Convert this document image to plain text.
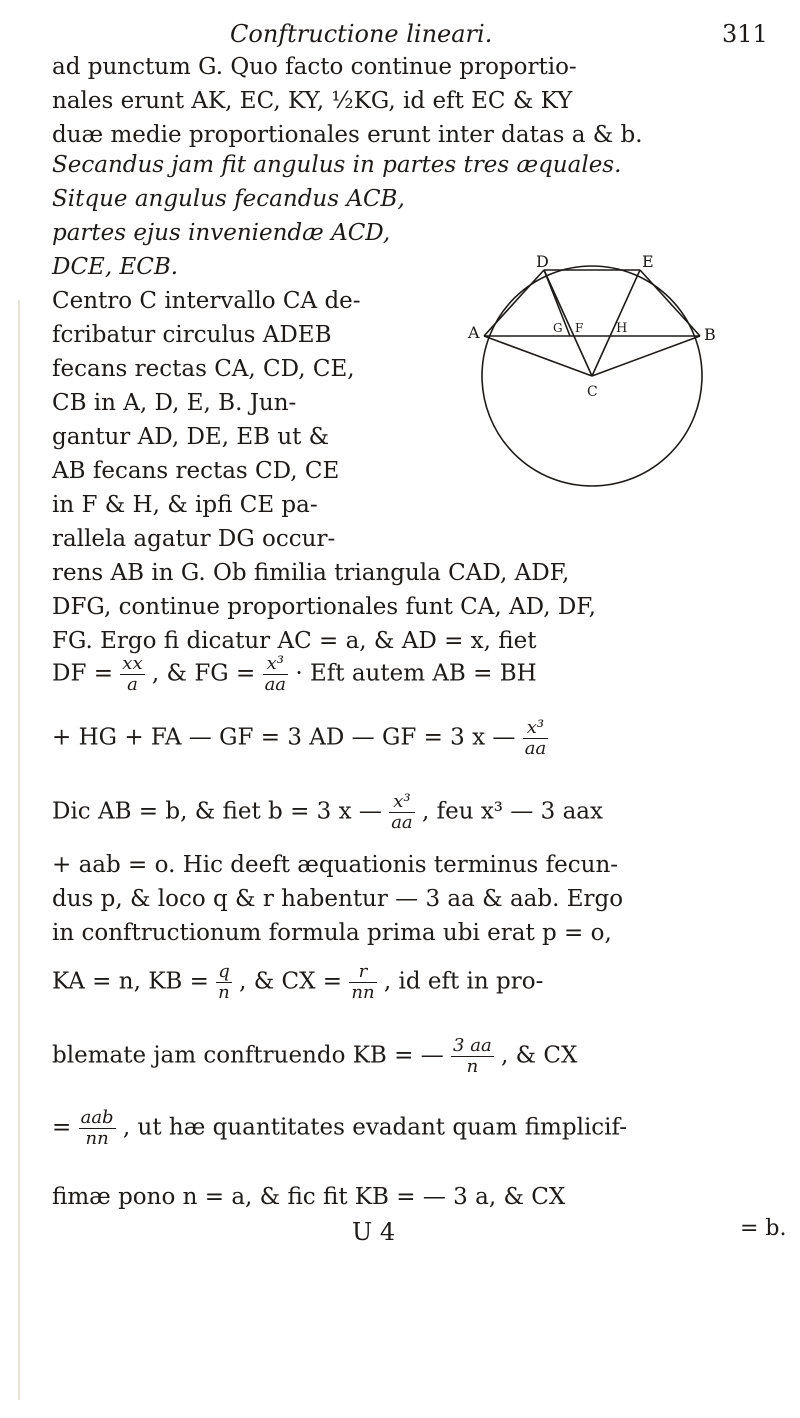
Conftructione lineari.	311
ad punctum G. Quo facto continue proportio-
nales erunt AK, EC, KY, ½KG, id eft EC & KY
duæ medie proportionales erunt inter datas a & b.
Secandus jam fit angulus in partes tres æquales.
Sitque angulus fecandus ACB,
partes ejus inveniendæ ACD,
DCE, ECB.
Centro C intervallo CA de-
fcribatur circulus ADEB
fecans rectas CA, CD, CE,
CB in A, D, E, B. Jun-
gantur AD, DE, EB ut &
AB fecans rectas CD, CE
in F & H, & ipfi CE pa-
rallela agatur DG occur-
rens AB in G. Ob fimilia triangula CAD, ADF,
DFG, continue proportionales funt CA, AD, DF,
FG. Ergo fi dicatur AC = a, & AD = x, fiet
D	E
A	B
G F	H
C
DF = $\frac{xx}{a}$ , & FG = $\frac{\text{x³}}{aa}$ · Eft autem AB = BH
+ HG + FA — GF = 3 AD — GF = 3 x — $\frac{\text{x³}}{aa}$
Dic AB = b, & fiet b = 3 x — $\frac{\text{x³}}{aa}$ , feu x³ — 3 aax
+ aab = o. Hic deeft æquationis terminus fecun-
dus p, & loco q & r habentur — 3 aa & aab. Ergo
in conftructionum formula prima ubi erat p = o,
KA = n, KB = $\frac{q}{n}$ , & CX = $\frac{r}{nn}$ , id eft in pro-
blemate jam conftruendo KB = — $\frac{3 aa}{n}$ , & CX
= $\frac{\text{aab}}{nn}$ , ut hæ quantitates evadant quam fimplicif-
fimæ pono n = a, & fic fit KB = — 3 a, & CX
U 4	= b.
